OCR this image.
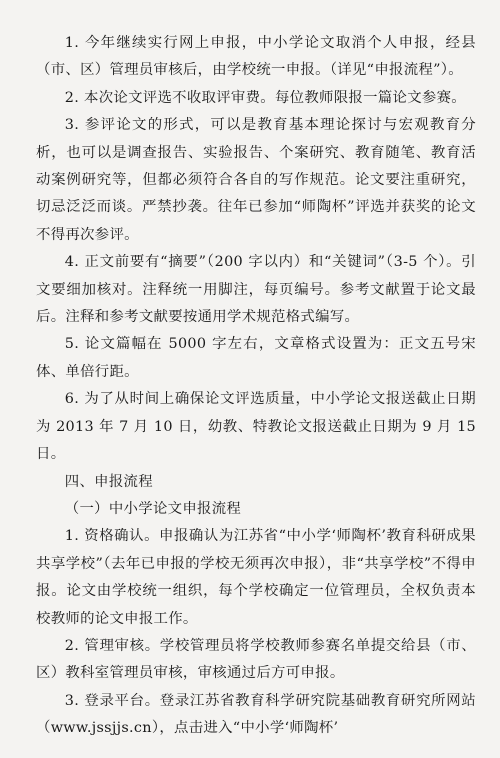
1. 今年继续实行网上申报，中小学论文取消个人申报，经县（市、区）管理员审核后，由学校统一申报。（详见“申报流程”）。

2. 本次论文评选不收取评审费。每位教师限报一篇论文参赛。

3. 参评论文的形式，可以是教育基本理论探讨与宏观教育分析，也可以是调查报告、实验报告、个案研究、教育随笔、教育活动案例研究等，但都必须符合各自的写作规范。论文要注重研究，切忌泛泛而谈。严禁抄袭。往年已参加“师陶杯”评选并获奖的论文不得再次参评。

4. 正文前要有“摘要”（200 字以内）和“关键词”（3-5 个）。引文要细加核对。注释统一用脚注，每页编号。参考文献置于论文最后。注释和参考文献要按通用学术规范格式编写。

5. 论文篇幅在 5000 字左右，文章格式设置为：正文五号宋体、单倍行距。

6. 为了从时间上确保论文评选质量，中小学论文报送截止日期为 2013 年 7 月 10 日，幼教、特教论文报送截止日期为 9 月 15 日。

四、申报流程

（一）中小学论文申报流程

1. 资格确认。申报确认为江苏省“中小学‘师陶杯’教育科研成果共享学校”（去年已申报的学校无须再次申报），非“共享学校”不得申报。论文由学校统一组织，每个学校确定一位管理员，全权负责本校教师的论文申报工作。

2. 管理审核。学校管理员将学校教师参赛名单提交给县（市、区）教科室管理员审核，审核通过后方可申报。

3. 登录平台。登录江苏省教育科学研究院基础教育研究所网站（www.jssjjs.cn），点击进入“中小学‘师陶杯’
